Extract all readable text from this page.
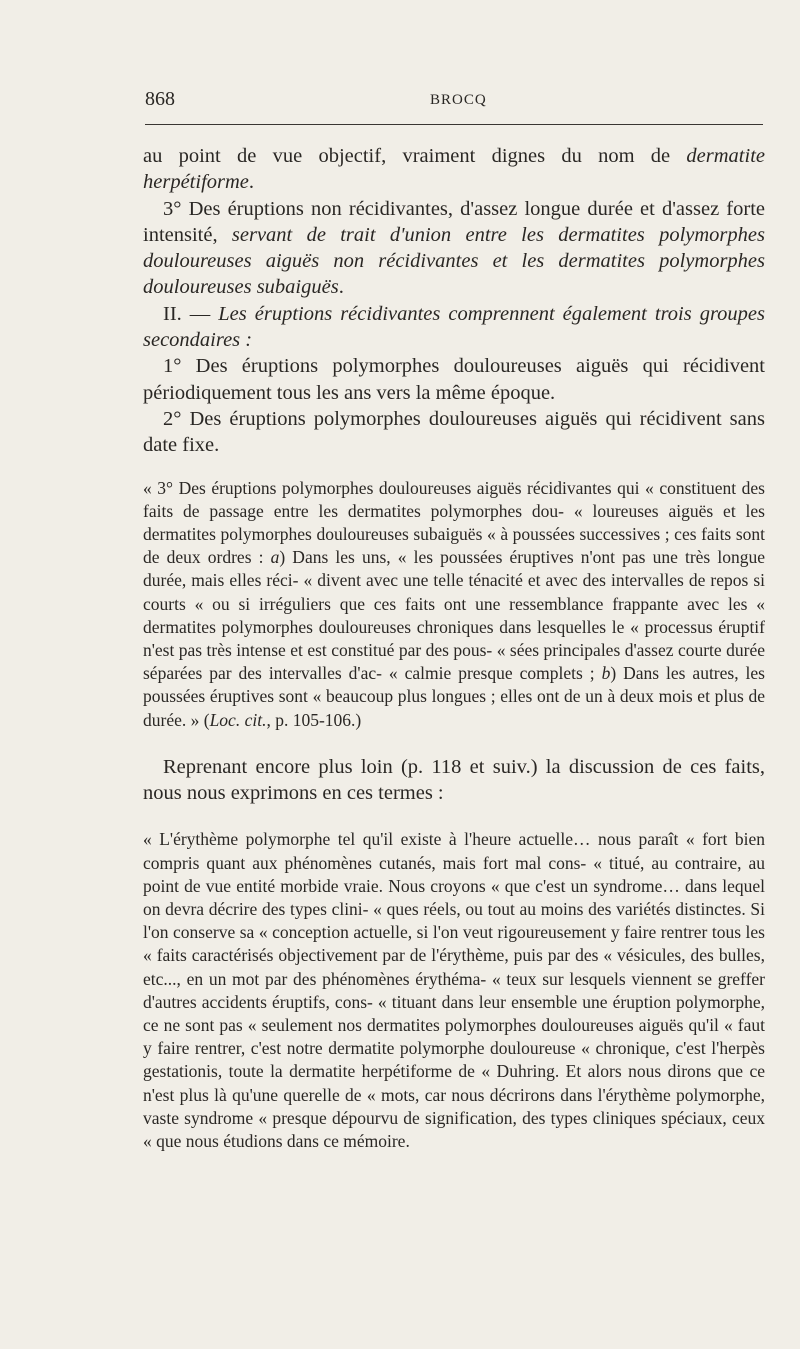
868	BROCQ

au point de vue objectif, vraiment dignes du nom de dermatite herpétiforme.

3° Des éruptions non récidivantes, d'assez longue durée et d'assez forte intensité, servant de trait d'union entre les dermatites polymorphes douloureuses aiguës non récidivantes et les dermatites polymorphes douloureuses subaiguës.

II. — Les éruptions récidivantes comprennent également trois groupes secondaires :

1° Des éruptions polymorphes douloureuses aiguës qui récidivent périodiquement tous les ans vers la même époque.

2° Des éruptions polymorphes douloureuses aiguës qui récidivent sans date fixe.

« 3° Des éruptions polymorphes douloureuses aiguës récidivantes qui « constituent des faits de passage entre les dermatites polymorphes dou- « loureuses aiguës et les dermatites polymorphes douloureuses subaiguës « à poussées successives ; ces faits sont de deux ordres : a) Dans les uns, « les poussées éruptives n'ont pas une très longue durée, mais elles réci- « divent avec une telle ténacité et avec des intervalles de repos si courts « ou si irréguliers que ces faits ont une ressemblance frappante avec les « dermatites polymorphes douloureuses chroniques dans lesquelles le « processus éruptif n'est pas très intense et est constitué par des pous- « sées principales d'assez courte durée séparées par des intervalles d'ac- « calmie presque complets ; b) Dans les autres, les poussées éruptives sont « beaucoup plus longues ; elles ont de un à deux mois et plus de durée. » (Loc. cit., p. 105-106.)

Reprenant encore plus loin (p. 118 et suiv.) la discussion de ces faits, nous nous exprimons en ces termes :

« L'érythème polymorphe tel qu'il existe à l'heure actuelle… nous paraît « fort bien compris quant aux phénomènes cutanés, mais fort mal cons- « titué, au contraire, au point de vue entité morbide vraie. Nous croyons « que c'est un syndrome… dans lequel on devra décrire des types clini- « ques réels, ou tout au moins des variétés distinctes. Si l'on conserve sa « conception actuelle, si l'on veut rigoureusement y faire rentrer tous les « faits caractérisés objectivement par de l'érythème, puis par des « vésicules, des bulles, etc..., en un mot par des phénomènes érythéma- « teux sur lesquels viennent se greffer d'autres accidents éruptifs, cons- « tituant dans leur ensemble une éruption polymorphe, ce ne sont pas « seulement nos dermatites polymorphes douloureuses aiguës qu'il « faut y faire rentrer, c'est notre dermatite polymorphe douloureuse « chronique, c'est l'herpès gestationis, toute la dermatite herpétiforme de « Duhring. Et alors nous dirons que ce n'est plus là qu'une querelle de « mots, car nous décrirons dans l'érythème polymorphe, vaste syndrome « presque dépourvu de signification, des types cliniques spéciaux, ceux « que nous étudions dans ce mémoire.
